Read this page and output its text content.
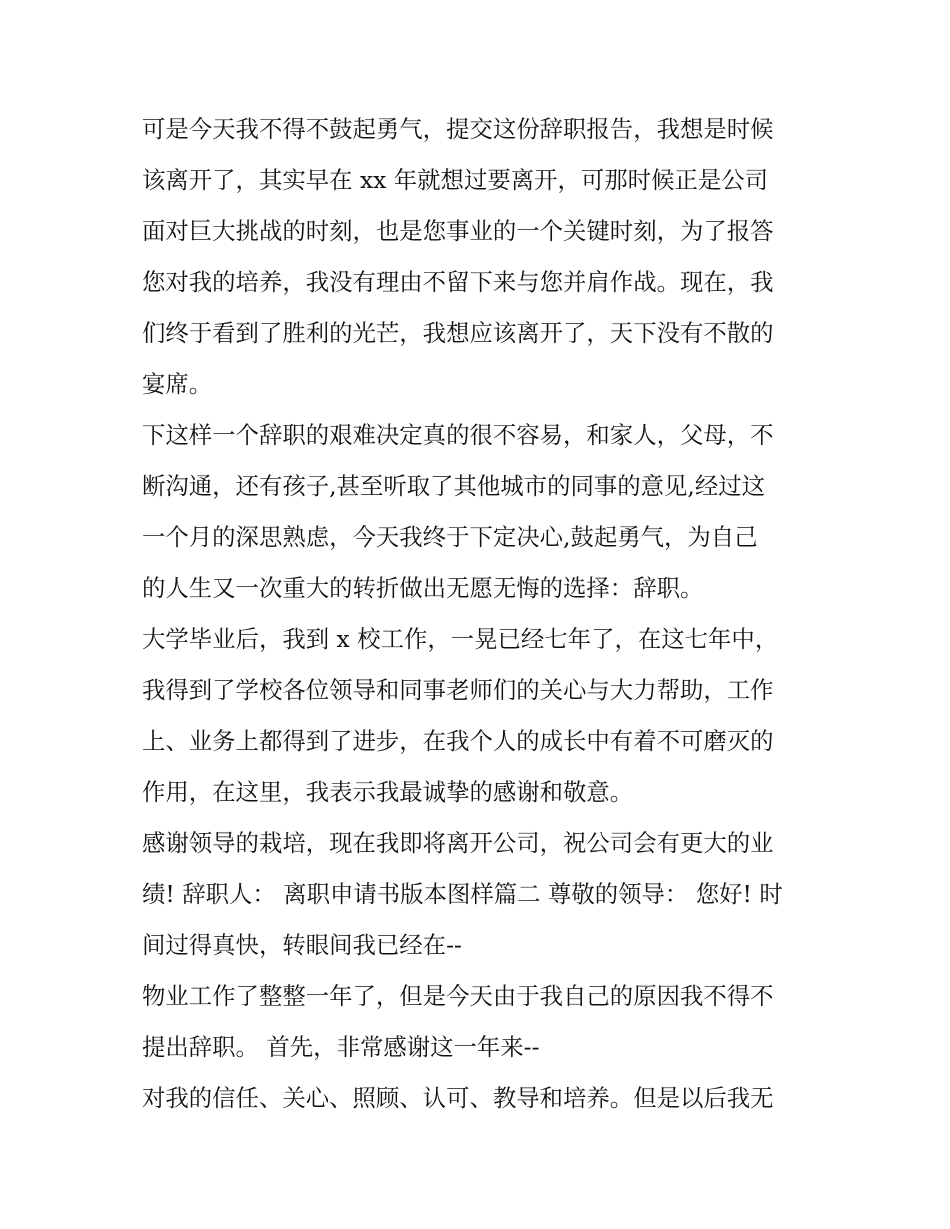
可是今天我不得不鼓起勇气，提交这份辞职报告，我想是时候
该离开了，其实早在 xx 年就想过要离开，可那时候正是公司
面对巨大挑战的时刻，也是您事业的一个关键时刻，为了报答
您对我的培养，我没有理由不留下来与您并肩作战。现在，我
们终于看到了胜利的光芒，我想应该离开了，天下没有不散的
宴席。
下这样一个辞职的艰难决定真的很不容易，和家人，父母，不
断沟通，还有孩子,甚至听取了其他城市的同事的意见,经过这
一个月的深思熟虑，今天我终于下定决心,鼓起勇气，为自己
的人生又一次重大的转折做出无愿无悔的选择：辞职。
大学毕业后，我到 x 校工作，一晃已经七年了，在这七年中，
我得到了学校各位领导和同事老师们的关心与大力帮助，工作
上、业务上都得到了进步，在我个人的成长中有着不可磨灭的
作用，在这里，我表示我最诚挚的感谢和敬意。
感谢领导的栽培，现在我即将离开公司，祝公司会有更大的业
绩! 辞职人： 离职申请书版本图样篇二 尊敬的领导： 您好! 时
间过得真快，转眼间我已经在--
物业工作了整整一年了，但是今天由于我自己的原因我不得不
提出辞职。 首先，非常感谢这一年来--
对我的信任、关心、照顾、认可、教导和培养。但是以后我无
